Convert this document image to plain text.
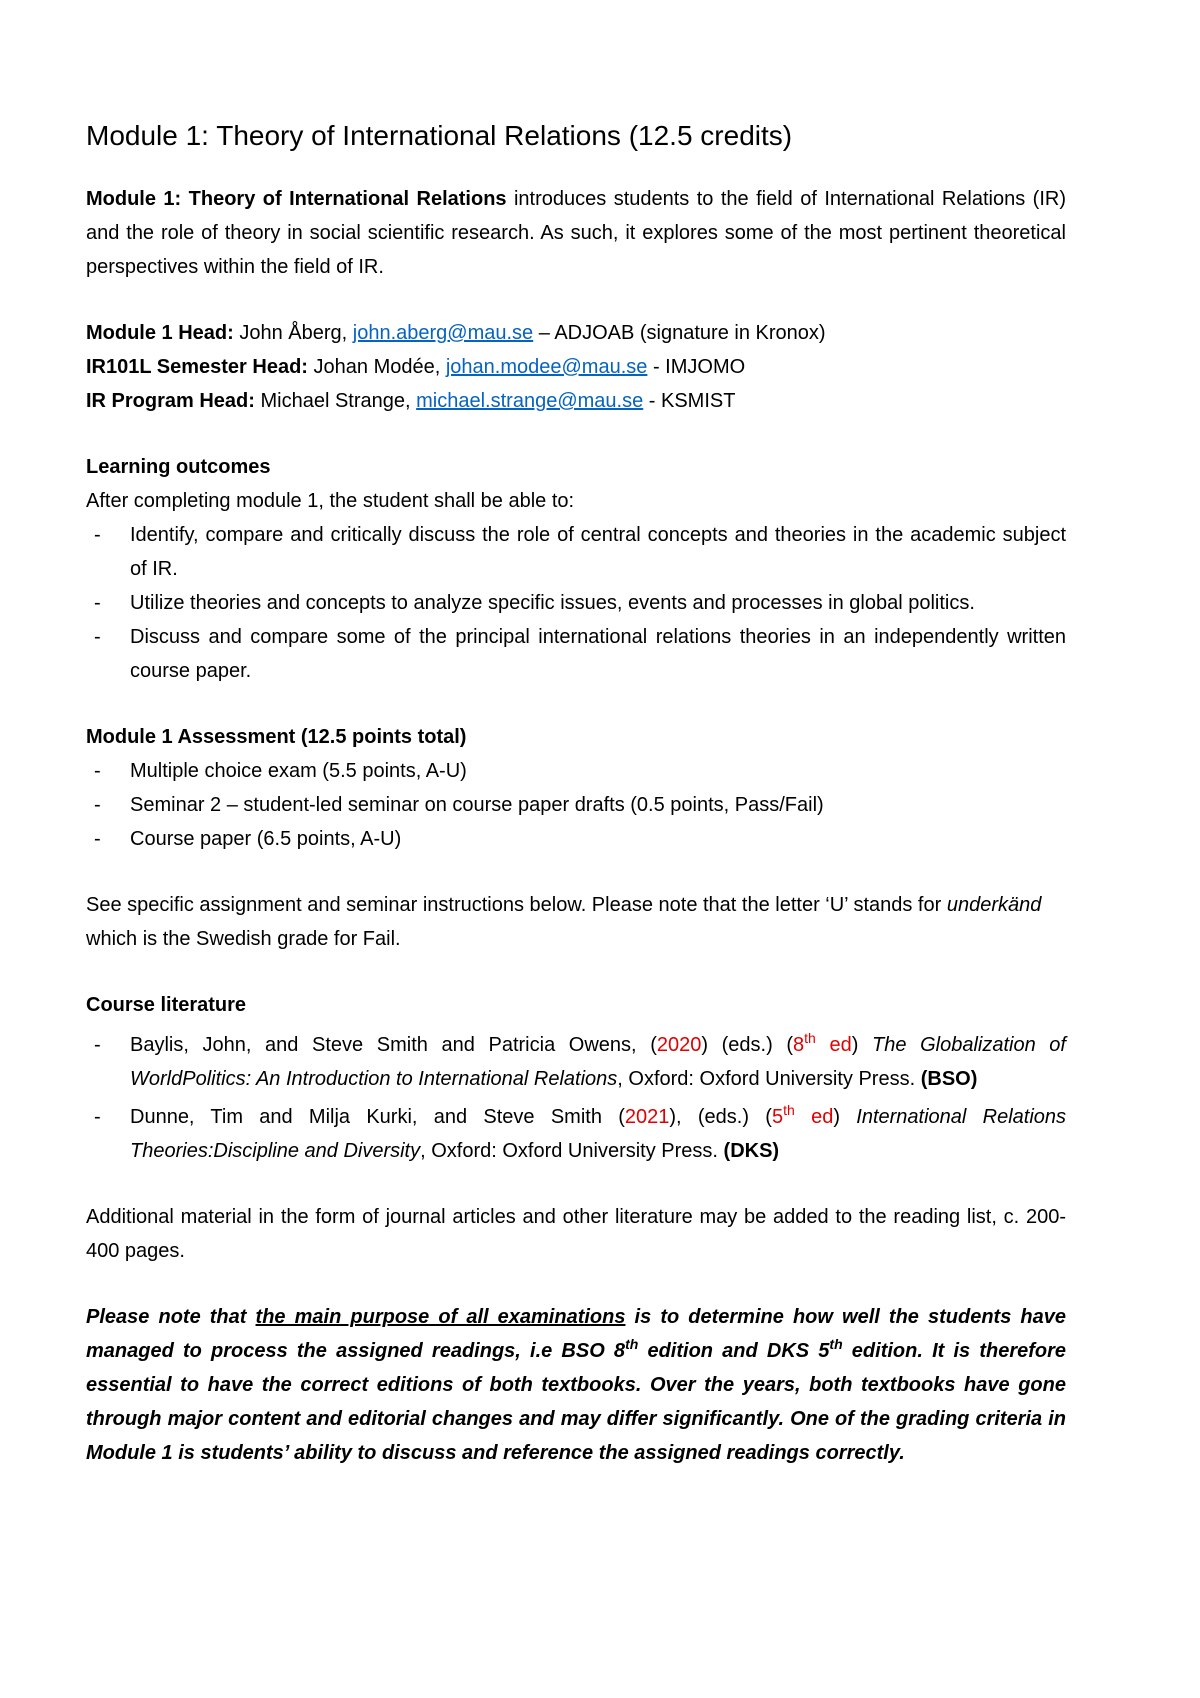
Module 1: Theory of International Relations (12.5 credits)

Module 1: Theory of International Relations introduces students to the field of International Relations (IR) and the role of theory in social scientific research. As such, it explores some of the most pertinent theoretical perspectives within the field of IR.

Module 1 Head: John Åberg, john.aberg@mau.se – ADJOAB (signature in Kronox)

IR101L Semester Head: Johan Modée, johan.modee@mau.se - IMJOMO

IR Program Head: Michael Strange, michael.strange@mau.se - KSMIST

Learning outcomes

After completing module 1, the student shall be able to:

- Identify, compare and critically discuss the role of central concepts and theories in the academic subject of IR.
- Utilize theories and concepts to analyze specific issues, events and processes in global politics.
- Discuss and compare some of the principal international relations theories in an independently written course paper.

Module 1 Assessment (12.5 points total)

- Multiple choice exam (5.5 points, A-U)
- Seminar 2 – student-led seminar on course paper drafts (0.5 points, Pass/Fail)
- Course paper (6.5 points, A-U)

See specific assignment and seminar instructions below. Please note that the letter ‘U’ stands for underkänd which is the Swedish grade for Fail.

Course literature

- Baylis, John, and Steve Smith and Patricia Owens, (2020) (eds.) (8th ed) The Globalization of WorldPolitics: An Introduction to International Relations, Oxford: Oxford University Press. (BSO)
- Dunne, Tim and Milja Kurki, and Steve Smith (2021), (eds.) (5th ed) International Relations Theories:Discipline and Diversity, Oxford: Oxford University Press. (DKS)

Additional material in the form of journal articles and other literature may be added to the reading list, c. 200-400 pages.

Please note that the main purpose of all examinations is to determine how well the students have managed to process the assigned readings, i.e BSO 8th edition and DKS 5th edition. It is therefore essential to have the correct editions of both textbooks. Over the years, both textbooks have gone through major content and editorial changes and may differ significantly. One of the grading criteria in Module 1 is students’ ability to discuss and reference the assigned readings correctly.
